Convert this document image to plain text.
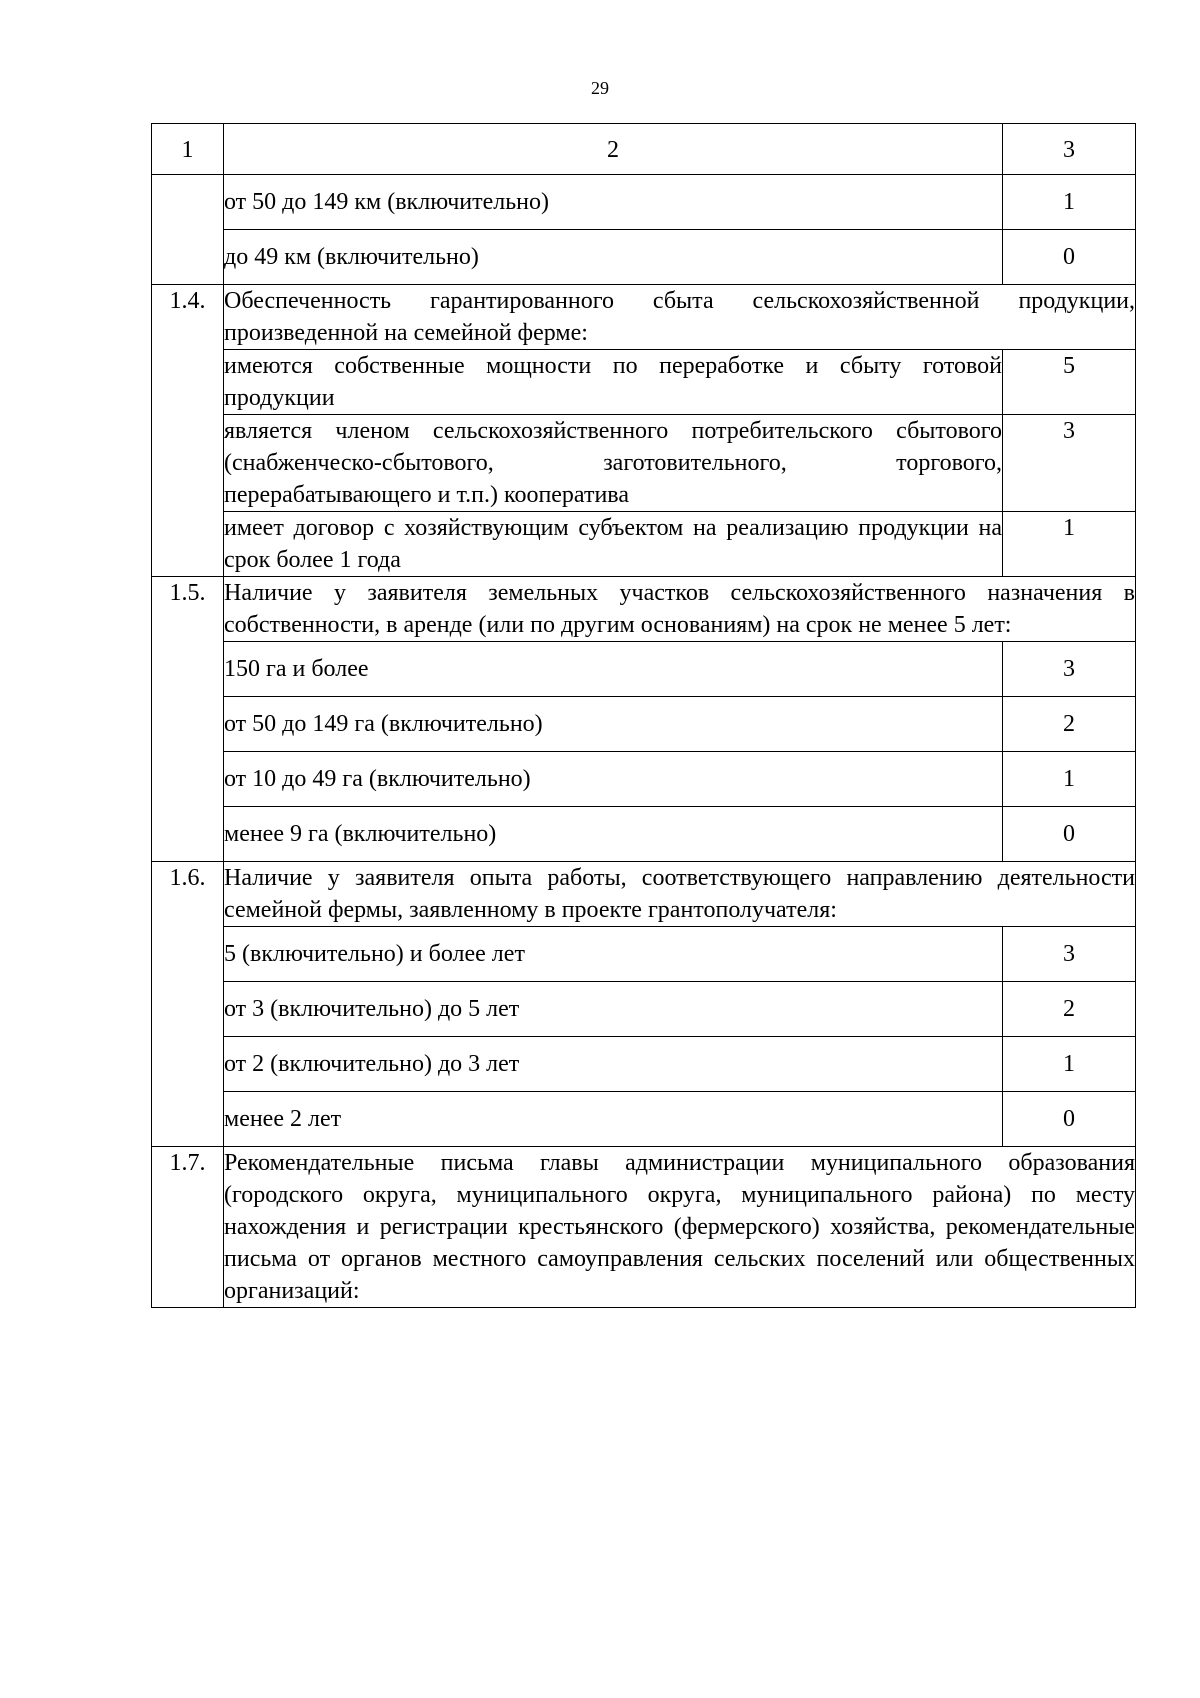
29
1	2	3
	от 50 до 149 км (включительно)	1
	до 49 км (включительно)	0
1.4.	Обеспеченность гарантированного сбыта сельскохозяйственной продукции, произведенной на семейной ферме:	
	имеются собственные мощности по переработке и сбыту готовой продукции	5
	является членом сельскохозяйственного потребительского сбытового (снабженческо-сбытового, заготовительного, торгового, перерабатывающего и т.п.) кооператива	3
	имеет договор с хозяйствующим субъектом на реализацию продукции на срок более 1 года	1
1.5.	Наличие у заявителя земельных участков сельскохозяйственного назначения в собственности, в аренде (или по другим основаниям) на срок не менее 5 лет:	
	150 га и более	3
	от 50 до 149 га (включительно)	2
	от 10 до 49 га (включительно)	1
	менее 9 га (включительно)	0
1.6.	Наличие у заявителя опыта работы, соответствующего направлению деятельности семейной фермы, заявленному в проекте грантополучателя:	
	5 (включительно) и более лет	3
	от 3 (включительно) до 5 лет	2
	от 2 (включительно) до 3 лет	1
	менее 2 лет	0
1.7.	Рекомендательные письма главы администрации муниципального образования (городского округа, муниципального округа, муниципального района) по месту нахождения и регистрации крестьянского (фермерского) хозяйства, рекомендательные письма от органов местного самоуправления сельских поселений или общественных организаций:	
